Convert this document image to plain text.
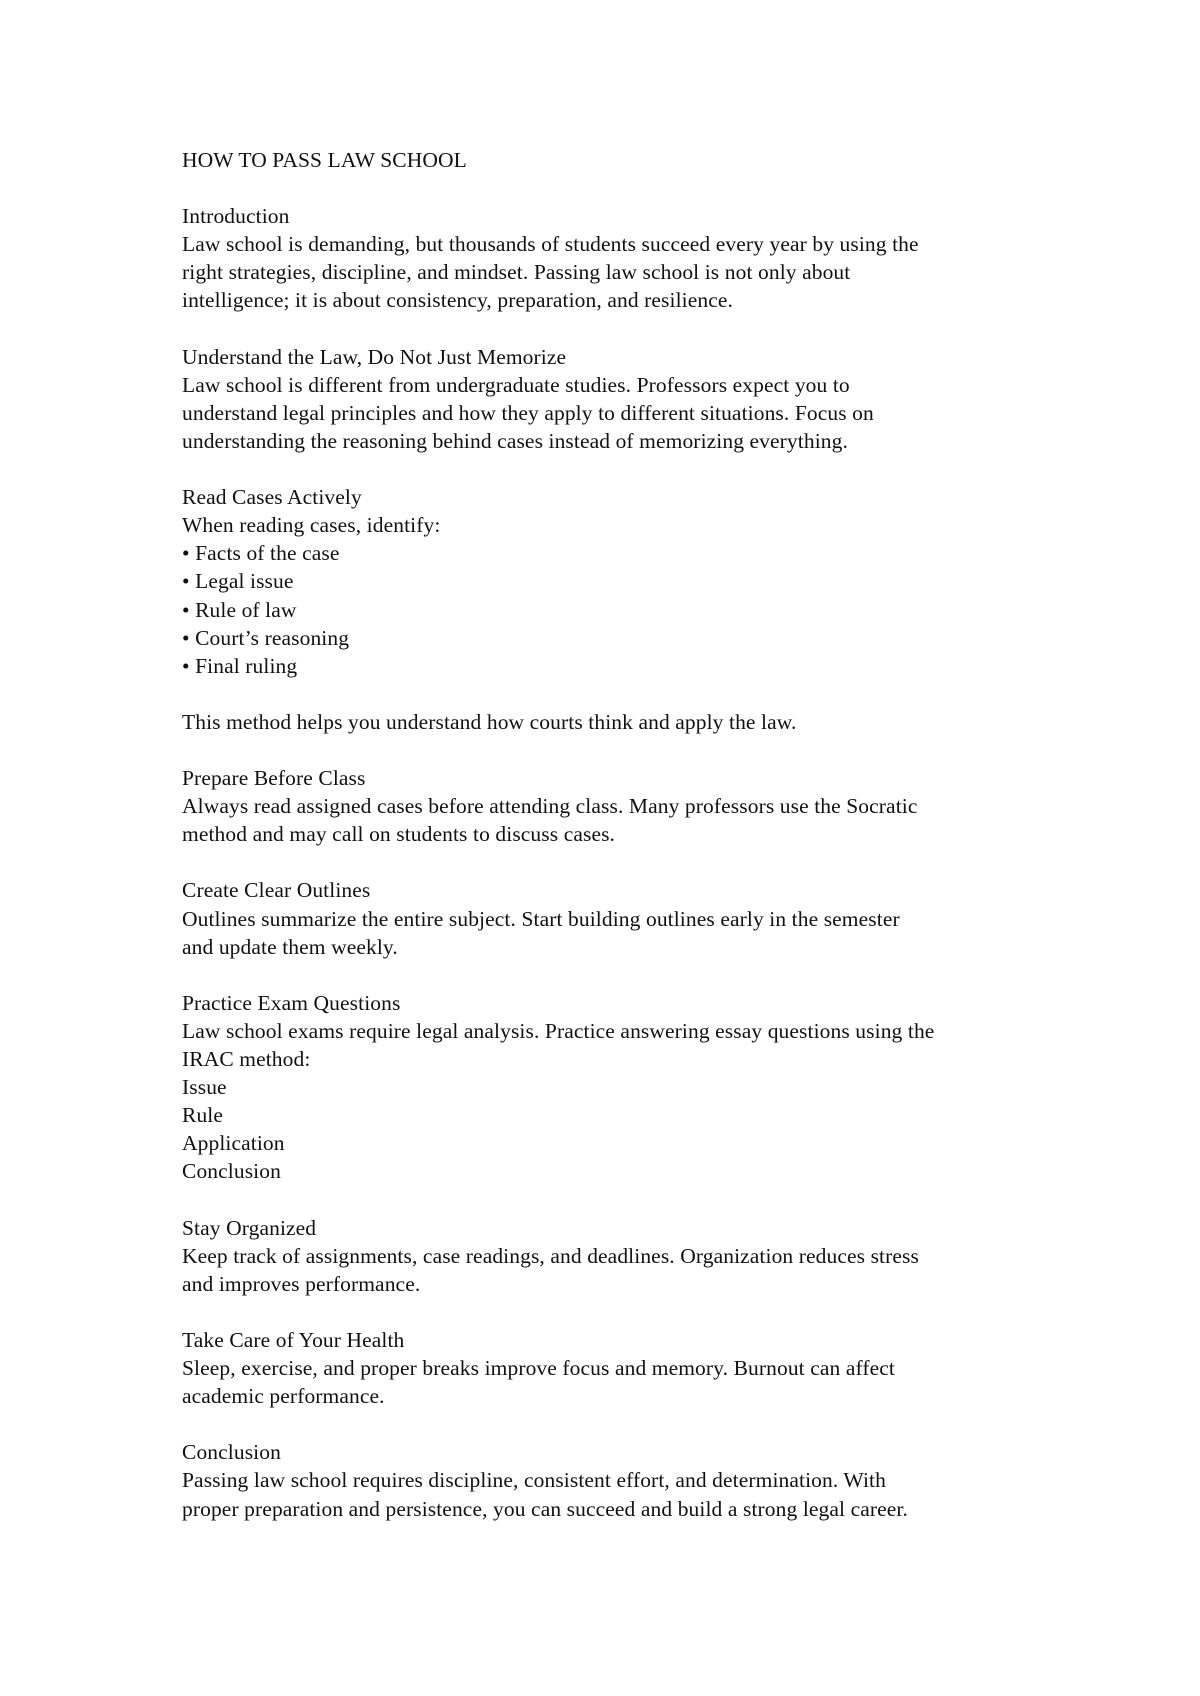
HOW TO PASS LAW SCHOOL
Introduction
Law school is demanding, but thousands of students succeed every year by using the
right strategies, discipline, and mindset. Passing law school is not only about
intelligence; it is about consistency, preparation, and resilience.
Understand the Law, Do Not Just Memorize
Law school is different from undergraduate studies. Professors expect you to
understand legal principles and how they apply to different situations. Focus on
understanding the reasoning behind cases instead of memorizing everything.
Read Cases Actively
When reading cases, identify:
• Facts of the case
• Legal issue
• Rule of law
• Court’s reasoning
• Final ruling
This method helps you understand how courts think and apply the law.
Prepare Before Class
Always read assigned cases before attending class. Many professors use the Socratic
method and may call on students to discuss cases.
Create Clear Outlines
Outlines summarize the entire subject. Start building outlines early in the semester
and update them weekly.
Practice Exam Questions
Law school exams require legal analysis. Practice answering essay questions using the
IRAC method:
Issue
Rule
Application
Conclusion
Stay Organized
Keep track of assignments, case readings, and deadlines. Organization reduces stress
and improves performance.
Take Care of Your Health
Sleep, exercise, and proper breaks improve focus and memory. Burnout can affect
academic performance.
Conclusion
Passing law school requires discipline, consistent effort, and determination. With
proper preparation and persistence, you can succeed and build a strong legal career.
